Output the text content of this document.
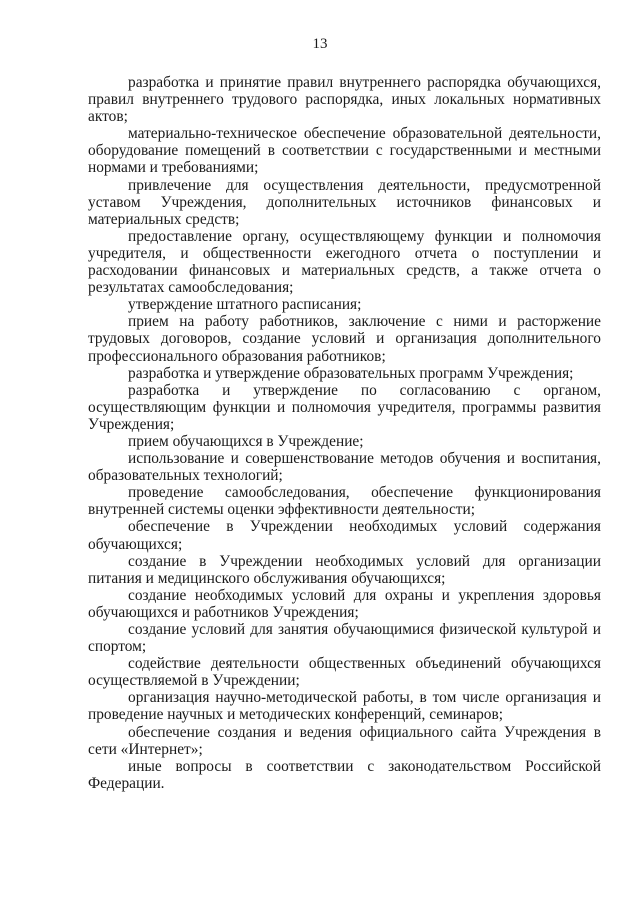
13

разработка и принятие правил внутреннего распорядка обучающихся, правил внутреннего трудового распорядка, иных локальных нормативных актов;

материально-техническое обеспечение образовательной деятельности, оборудование помещений в соответствии с государственными и местными нормами и требованиями;

привлечение для осуществления деятельности, предусмотренной уставом Учреждения, дополнительных источников финансовых и материальных средств;

предоставление органу, осуществляющему функции и полномочия учредителя, и общественности ежегодного отчета о поступлении и расходовании финансовых и материальных средств, а также отчета о результатах самообследования;

утверждение штатного расписания;

прием на работу работников, заключение с ними и расторжение трудовых договоров, создание условий и организация дополнительного профессионального образования работников;

разработка и утверждение образовательных программ Учреждения;

разработка и утверждение по согласованию с органом, осуществляющим функции и полномочия учредителя, программы развития Учреждения;

прием обучающихся в Учреждение;

использование и совершенствование методов обучения и воспитания, образовательных технологий;

проведение самообследования, обеспечение функционирования внутренней системы оценки эффективности деятельности;

обеспечение в Учреждении необходимых условий содержания обучающихся;

создание в Учреждении необходимых условий для организации питания и медицинского обслуживания обучающихся;

создание необходимых условий для охраны и укрепления здоровья обучающихся и работников Учреждения;

создание условий для занятия обучающимися физической культурой и спортом;

содействие деятельности общественных объединений обучающихся осуществляемой в Учреждении;

организация научно-методической работы, в том числе организация и проведение научных и методических конференций, семинаров;

обеспечение создания и ведения официального сайта Учреждения в сети «Интернет»;

иные вопросы в соответствии с законодательством Российской Федерации.
